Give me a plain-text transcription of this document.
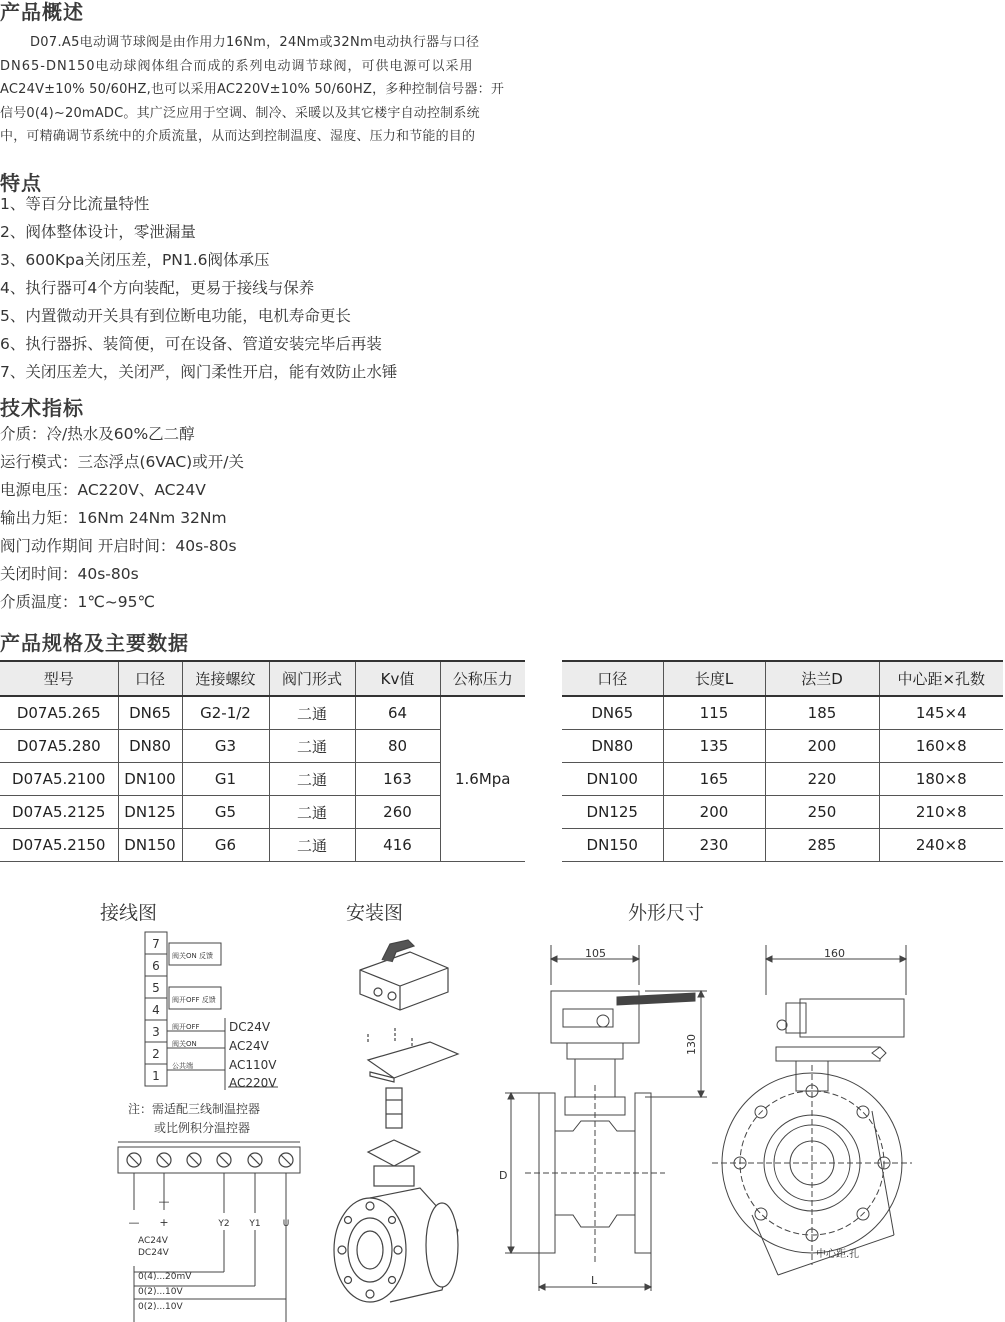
产品概述
D07.A5电动调节球阀是由作用力16Nm，24Nm或32Nm电动执行器与口径
DN65-DN150电动球阀体组合而成的系列电动调节球阀，可供电源可以采用
AC24V±10% 50/60HZ,也可以采用AC220V±10% 50/60HZ，多种控制信号器：开
信号0(4)~20mADC。其广泛应用于空调、制冷、采暖以及其它楼宇自动控制系统
中，可精确调节系统中的介质流量，从而达到控制温度、湿度、压力和节能的目的
特点
1、等百分比流量特性
2、阀体整体设计，零泄漏量
3、600Kpa关闭压差，PN1.6阀体承压
4、执行器可4个方向装配，更易于接线与保养
5、内置微动开关具有到位断电功能，电机寿命更长
6、执行器拆、装简便，可在设备、管道安装完毕后再装
7、关闭压差大，关闭严，阀门柔性开启，能有效防止水锤
技术指标
介质：冷/热水及60%乙二醇
运行模式：三态浮点(6VAC)或开/关
电源电压：AC220V、AC24V
输出力矩：16Nm 24Nm 32Nm
阀门动作期间 开启时间：40s-80s
关闭时间：40s-80s
介质温度：1℃~95℃
产品规格及主要数据
型号	口径	连接螺纹	阀门形式	Kv值	公称压力
D07A5.265	DN65	G2-1/2	二通	64	1.6Mpa
D07A5.280	DN80	G3	二通	80	
D07A5.2100	DN100	G1	二通	163	
D07A5.2125	DN125	G5	二通	260	
D07A5.2150	DN150	G6	二通	416	
口径	长度L	法兰D	中心距×孔数
DN65	115	185	145×4
DN80	135	200	160×8
DN100	165	220	180×8
DN125	200	250	210×8
DN150	230	285	240×8
接线图	安装图	外形尺寸
7
6
5
4
3
2
1
阀关ON 反馈
阀开OFF 反馈
阀开OFF
阀关ON
公共端
DC24V
AC24V
AC110V
AC220V
注：需适配三线制温控器
或比例积分温控器
—
— +	Y2 Y1 U
AC24V
DC24V
0(4)...20mV
0(2)...10V
0(2)...10V
105
130
D
L
160
中心距.孔
